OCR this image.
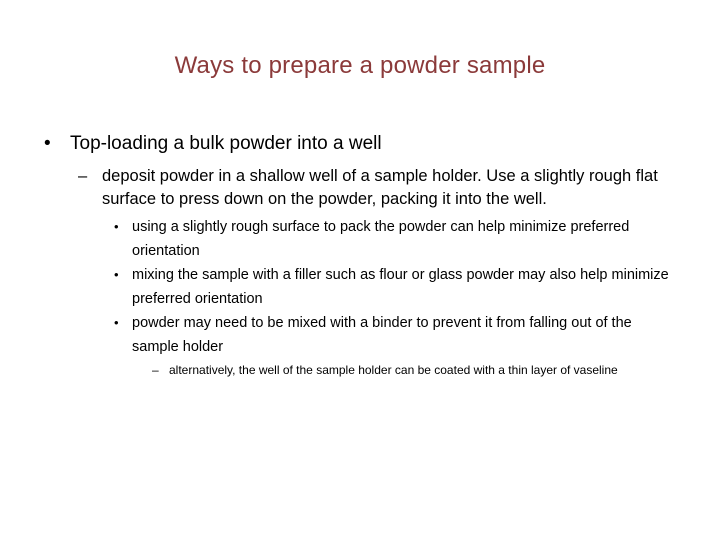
Ways to prepare a powder sample
• Top-loading a bulk powder into a well
– deposit powder in a shallow well of a sample holder. Use a slightly rough flat surface to press down on the powder, packing it into the well.
• using a slightly rough surface to pack the powder can help minimize preferred orientation
• mixing the sample with a filler such as flour or glass powder may also help minimize preferred orientation
• powder may need to be mixed with a binder to prevent it from falling out of the sample holder
– alternatively, the well of the sample holder can be coated with a thin layer of vaseline
